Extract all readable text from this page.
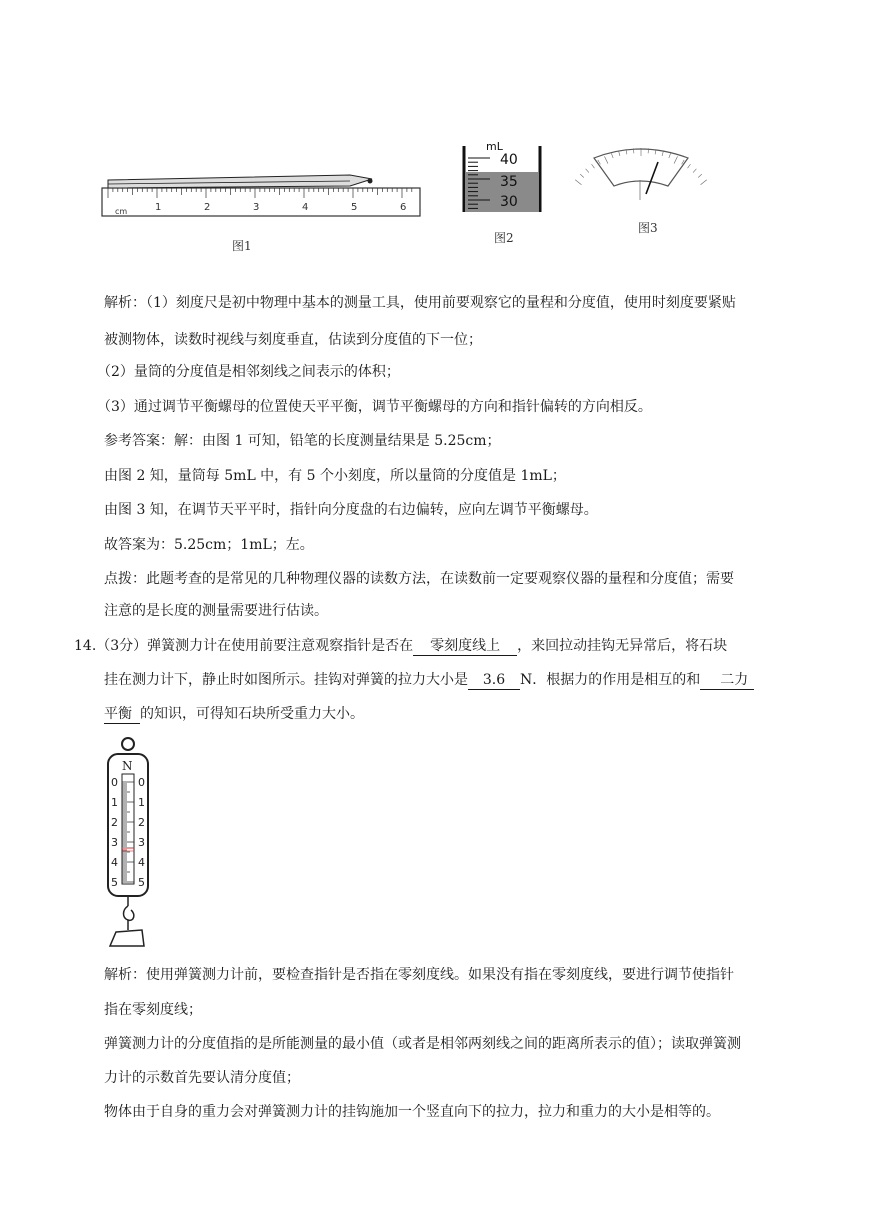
cm	1	2	3	4	5	6
图1
mL
40
35
30
图2
图3
解析：（1）刻度尺是初中物理中基本的测量工具，使用前要观察它的量程和分度值，使用时刻度要紧贴
被测物体，读数时视线与刻度垂直，估读到分度值的下一位；
（2）量筒的分度值是相邻刻线之间表示的体积；
（3）通过调节平衡螺母的位置使天平平衡，调节平衡螺母的方向和指针偏转的方向相反。
参考答案：解：由图 1 可知，铅笔的长度测量结果是 5.25cm；
由图 2 知，量筒每 5mL 中，有 5 个小刻度，所以量筒的分度值是 1mL；
由图 3 知，在调节天平平时，指针向分度盘的右边偏转，应向左调节平衡螺母。
故答案为：5.25cm；1mL；左。
点拨：此题考查的是常见的几种物理仪器的读数方法，在读数前一定要观察仪器的量程和分度值；需要
注意的是长度的测量需要进行估读。
14.（3分）弹簧测力计在使用前要注意观察指针是否在 零刻度线上 ，来回拉动挂钩无异常后，将石块
挂在测力计下，静止时如图所示。挂钩对弹簧的拉力大小是 3.6 N．根据力的作用是相互的和 二力
平衡 的知识，可得知石块所受重力大小。
N
0
1
2
3
4
5
0
1
2
3
4
5
解析：使用弹簧测力计前，要检查指针是否指在零刻度线。如果没有指在零刻度线，要进行调节使指针
指在零刻度线；
弹簧测力计的分度值指的是所能测量的最小值（或者是相邻两刻线之间的距离所表示的值）；读取弹簧测
力计的示数首先要认清分度值；
物体由于自身的重力会对弹簧测力计的挂钩施加一个竖直向下的拉力，拉力和重力的大小是相等的。
